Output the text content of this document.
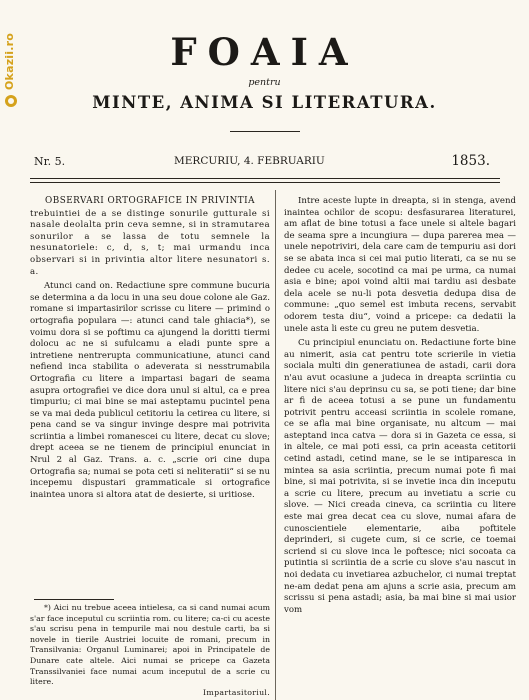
Okazii.ro	FOAIA
pentru
MINTE, ANIMA SI LITERATURA.
Nr. 5.	MERCURIU, 4. FEBRUARIU	1853.
OBSERVARI ORTOGRAFICE IN PRIVINTIA

trebuintiei de a se distinge sonurile gutturale si nasale deolalta prin ceva semne, si in stramutarea sonurilor a se lassa de totu semnele la nesunatoriele: c, d, s, t; mai urmandu inca observari si in privintia altor litere nesunatori s. a.

Atunci cand on. Redactiune spre commune bucuria se determina a da locu in una seu doue colone ale Gaz. romane si impartasirilor scrisse cu litere — primind o ortografia populara —: atunci cand tale ghiacia*), se voimu dora si se poftimu ca ajungend la doritti tiermi dolocu ac ne si sufulcamu a eladi punte spre a intretiene nentrerupta communicatiune, atunci cand nefiend inca stabilita o adeverata si nesstrumabila Ortografia cu litere a impartasi bagari de seama asupra ortografiei ve dice dora unul si altul, ca e prea timpuriu; ci mai bine se mai asteptamu pucintel pena se va mai deda publicul cetitoriu la cetirea cu litere, si pena cand se va singur invinge despre mai potrivita scriintia a limbei romanescei cu litere, decat cu slove; drept aceea se ne tienem de principiul enunciat in Nrul 2 al Gaz. Trans. a. c. „scrie ori cine dupa Ortografia sa; numai se pota ceti si neliteratii“ si se nu incepemu dispustari grammaticale si ortografice inaintea unora si altora atat de desierte, si uritiose.

*) Aici nu trebue aceea intielesa, ca si cand numai acum s'ar face inceputul cu scriintia rom. cu litere; ca-ci cu aceste s'au scrisu pena in tempurile mai nou destule carti, ba si novele in tierile Austriei locuite de romani, precum in Transilvania: Organul Luminarei; apoi in Principatele de Dunare cate altele. Aici numai se pricepe ca Gazeta Transsilvaniei face numai acum inceputul de a scrie cu litere.

Impartasitoriul.

Intre aceste lupte in dreapta, si in stenga, avend inaintea ochilor de scopu: desfasurarea literaturei, am aflat de bine totusi a face unele si altele bagari de seama spre a incungiura — dupa parerea mea — unele nepotriviri, dela care cam de tempuriu asi dori se se abata inca si cei mai putio literati, ca se nu se dedee cu acele, socotind ca mai pe urma, ca numai asia e bine; apoi voind altii mai tardiu asi desbate dela acele se nu-li pota desvetia dedupa disa de commune: „quo semel est imbuta recens, servabit odorem testa diu“, voind a pricepe: ca dedatii la unele asta li este cu greu ne putem desvetia.

Cu principiul enunciatu on. Redactiune forte bine au nimerit, asia cat pentru tote scrierile in vietia sociala multi din generatiunea de astadi, carii dora n'au avut ocasiune a judeca in dreapta scriintia cu litere nici s'au deprinsu cu sa, se poti tiene; dar bine ar fi de aceea totusi a se pune un fundamentu potrivit pentru acceasi scriintia in scolele romane, ce se afla mai bine organisate, nu altcum — mai asteptand inca catva — dora si in Gazeta ce essa, si in altele, ce mai poti essi, ca prin aceasta cetitorii cetind astadi, cetind mane, se le se intiparesca in mintea sa asia scriintia, precum numai pote fi mai bine, si mai potrivita, si se invetie inca din inceputu a scrie cu litere, precum au invetiatu a scrie cu slove. — Nici creada cineva, ca scriintia cu litere este mai grea decat cea cu slove, numai afara de cunoscientiele elementarie, aiba poftitele deprinderi, si cugete cum, si ce scrie, ce toemai scriend si cu slove inca le poftesce; nici socoata ca putintia si scriintia de a scrie cu slove s'au nascut in noi dedata cu invetiarea azbuchelor, ci numai treptat ne-am dedat pena am ajuns a scrie asia, precum am scrissu si pena astadi; asia, ba mai bine si mai usior vom
